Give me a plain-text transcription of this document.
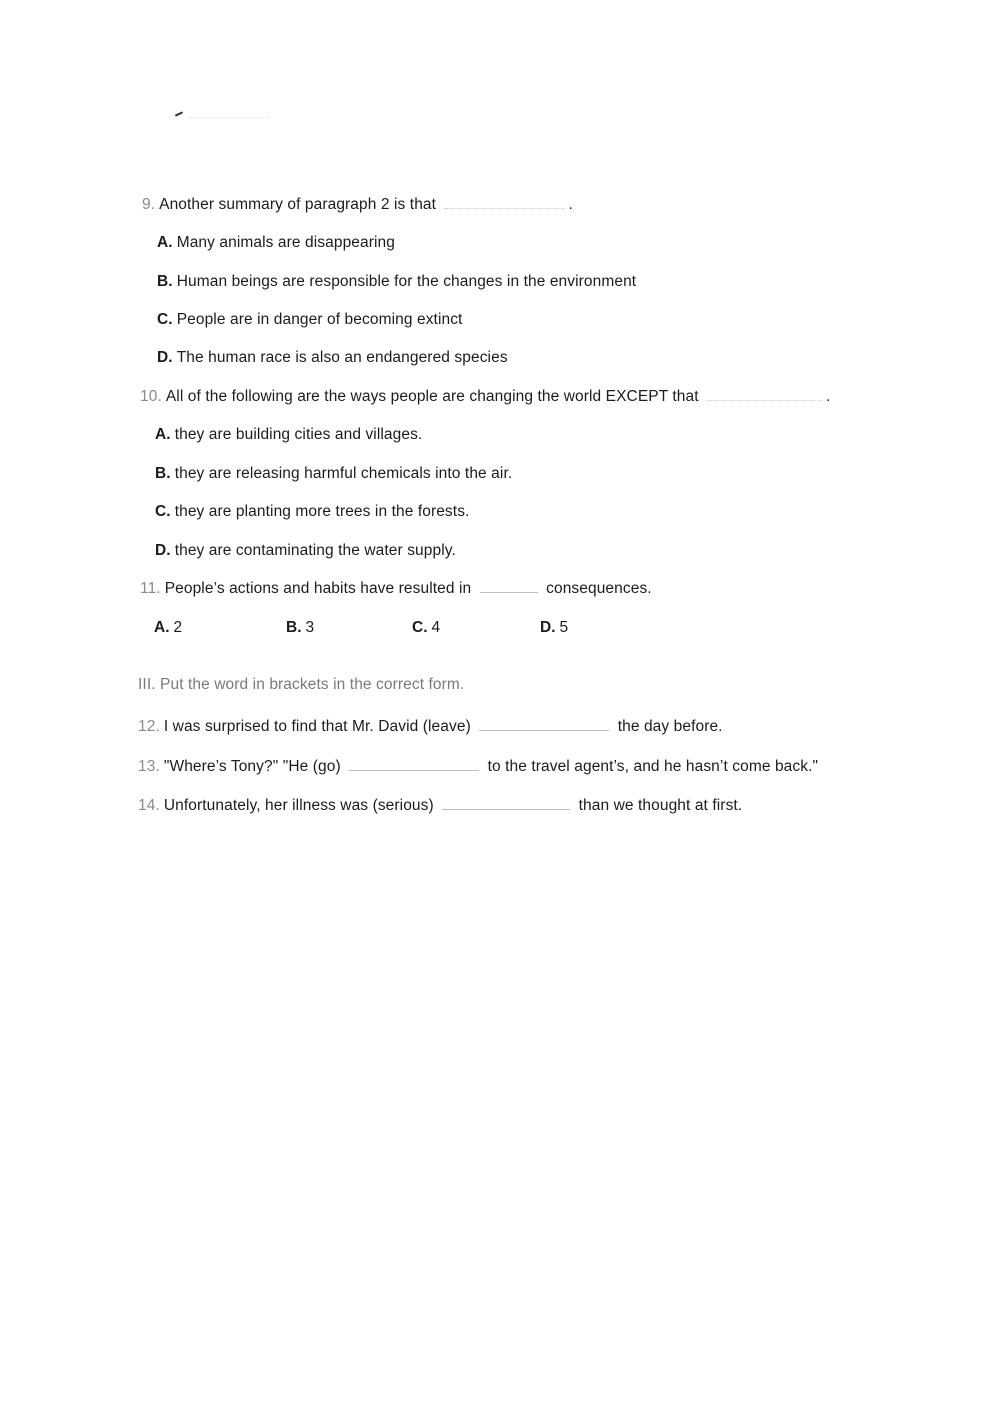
9. Another summary of paragraph 2 is that	.
A. Many animals are disappearing
B. Human beings are responsible for the changes in the environment
C. People are in danger of becoming extinct
D. The human race is also an endangered species
10. All of the following are the ways people are changing the world EXCEPT that	.
A. they are building cities and villages.
B. they are releasing harmful chemicals into the air.
C. they are planting more trees in the forests.
D. they are contaminating the water supply.
11. People’s actions and habits have resulted in	consequences.
A. 2	B. 3	C. 4	D. 5
III. Put the word in brackets in the correct form.
12. I was surprised to find that Mr. David (leave)	the day before.
13. "Where’s Tony?" "He (go)	to the travel agent’s, and he hasn’t come back."
14. Unfortunately, her illness was (serious)	than we thought at first.
